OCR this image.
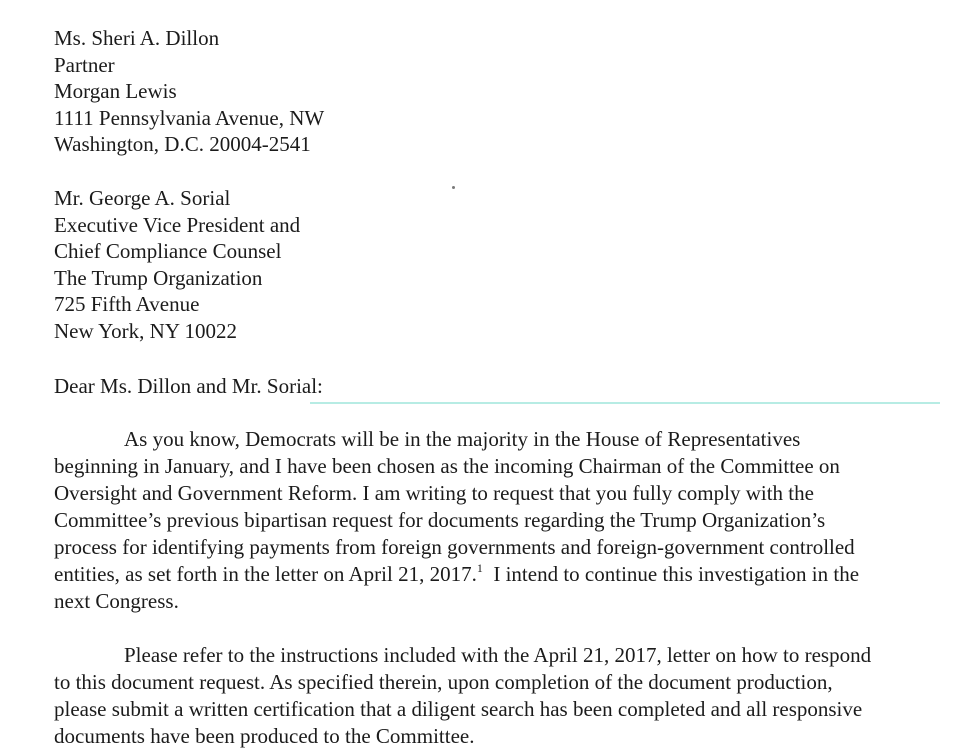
Ms. Sheri A. Dillon
Partner
Morgan Lewis
1111 Pennsylvania Avenue, NW
Washington, D.C. 20004-2541
Mr. George A. Sorial
Executive Vice President and
Chief Compliance Counsel
The Trump Organization
725 Fifth Avenue
New York, NY 10022
Dear Ms. Dillon and Mr. Sorial:
As you know, Democrats will be in the majority in the House of Representatives
beginning in January, and I have been chosen as the incoming Chairman of the Committee on
Oversight and Government Reform. I am writing to request that you fully comply with the
Committee’s previous bipartisan request for documents regarding the Trump Organization’s
process for identifying payments from foreign governments and foreign-government controlled
entities, as set forth in the letter on April 21, 2017.$^1$  I intend to continue this investigation in the
next Congress.
Please refer to the instructions included with the April 21, 2017, letter on how to respond
to this document request. As specified therein, upon completion of the document production,
please submit a written certification that a diligent search has been completed and all responsive
documents have been produced to the Committee.
